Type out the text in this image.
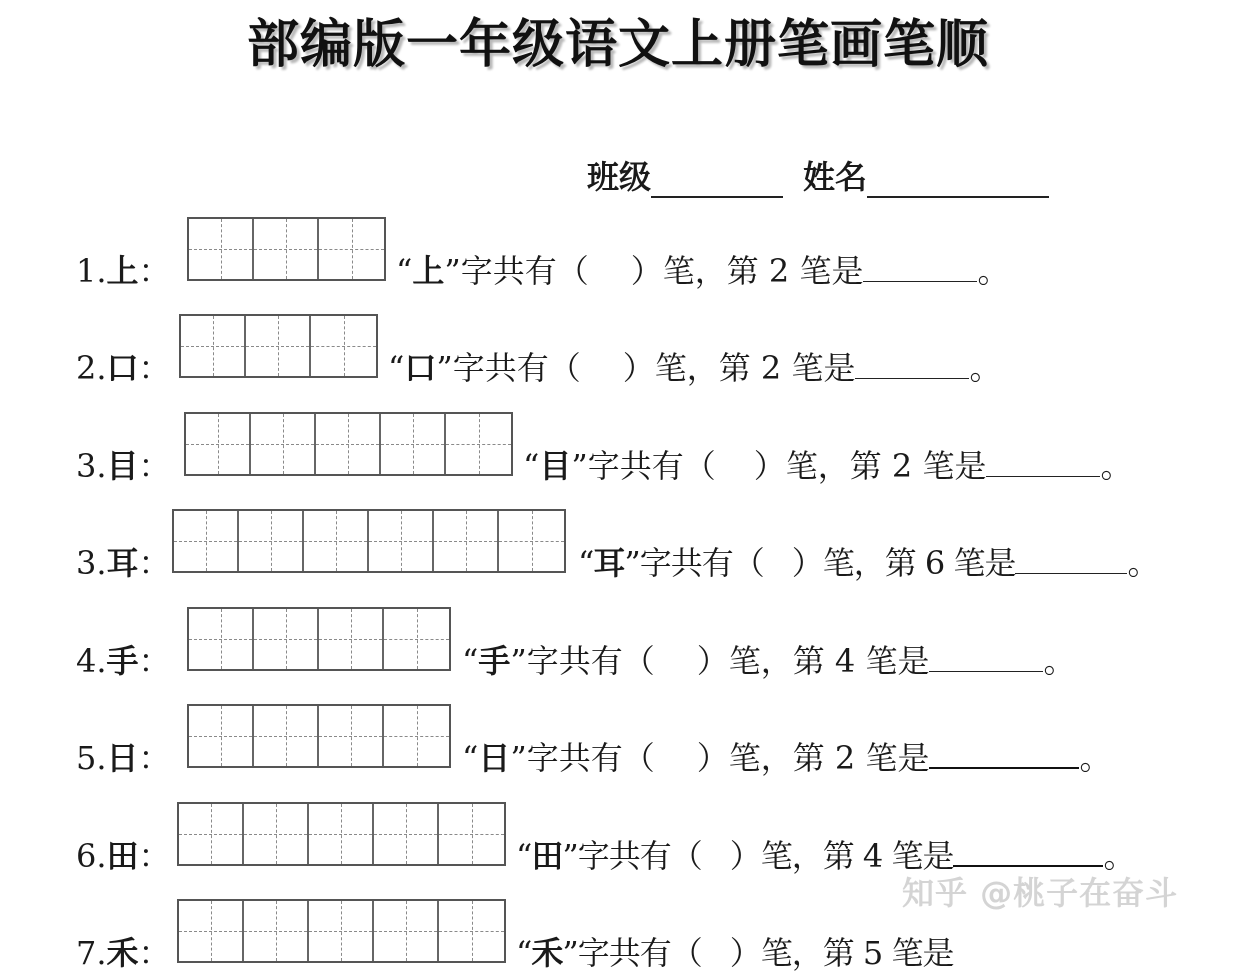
部编版一年级语文上册笔画笔顺
班级	姓名
1.上：	“上”字共有（ ）笔，第 2 笔是	。
2.口：	“口”字共有（ ）笔，第 2 笔是	。
3.目：	“目”字共有（ ）笔，第 2 笔是	。
3.耳：	“耳”字共有（ ）笔，第 6 笔是	。
4.手：	“手”字共有（ ）笔，第 4 笔是	。
5.日：	“日”字共有（ ）笔，第 2 笔是	。
6.田：	“田”字共有（ ）笔，第 4 笔是	。
7.禾：	“禾”字共有（ ）笔，第 5 笔是
知乎 @桃子在奋斗
